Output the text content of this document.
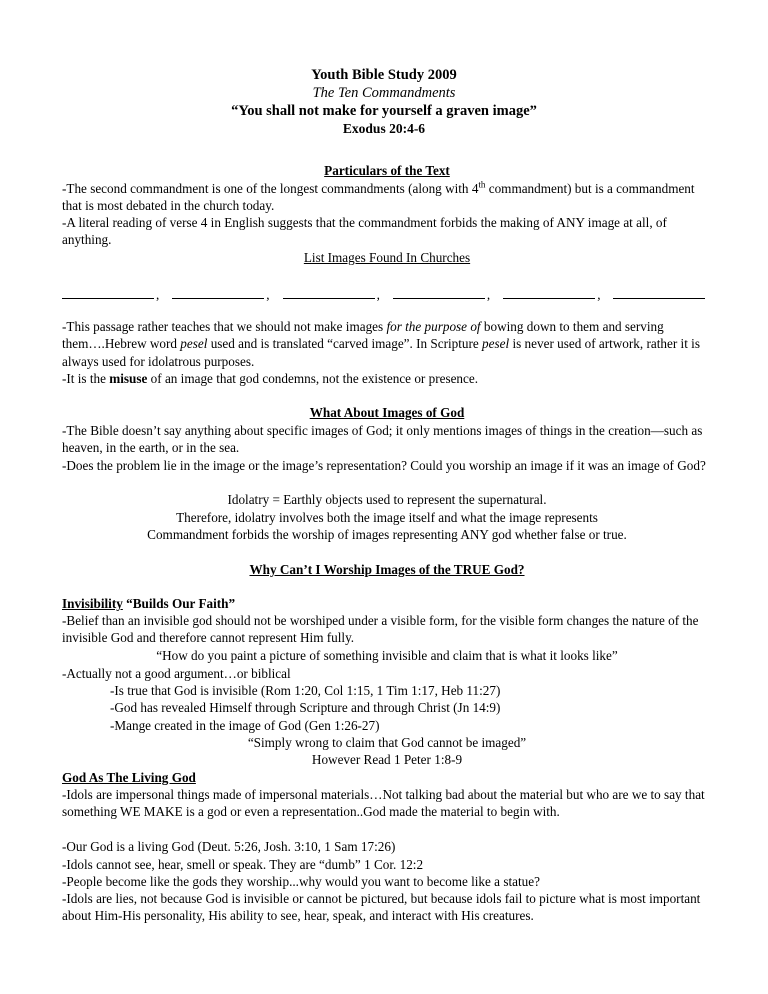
Youth Bible Study 2009
The Ten Commandments
“You shall not make for yourself a graven image”
Exodus 20:4-6
Particulars of the Text

-The second commandment is one of the longest commandments (along with 4th commandment) but is a commandment that is most debated in the church today.

-A literal reading of verse 4 in English suggests that the commandment forbids the making of ANY image at all, of anything.

List Images Found In Churches
,	,	,	,	,

-This passage rather teaches that we should not make images for the purpose of bowing down to them and serving them….Hebrew word pesel used and is translated “carved image”. In Scripture pesel is never used of artwork, rather it is always used for idolatrous purposes.

-It is the misuse of an image that god condemns, not the existence or presence.

What About Images of God

-The Bible doesn’t say anything about specific images of God; it only mentions images of things in the creation—such as heaven, in the earth, or in the sea.

-Does the problem lie in the image or the image’s representation? Could you worship an image if it was an image of God?

Idolatry = Earthly objects used to represent the supernatural.
Therefore, idolatry involves both the image itself and what the image represents
Commandment forbids the worship of images representing ANY god whether false or true.
Why Can’t I Worship Images of the TRUE God?
Invisibility “Builds Our Faith”

-Belief than an invisible god should not be worshiped under a visible form, for the visible form changes the nature of the invisible God and therefore cannot represent Him fully.

“How do you paint a picture of something invisible and claim that is what it looks like”

-Actually not a good argument…or biblical

-Is true that God is invisible (Rom 1:20, Col 1:15, 1 Tim 1:17, Heb 11:27)

-God has revealed Himself through Scripture and through Christ (Jn 14:9)

-Mange created in the image of God (Gen 1:26-27)

“Simply wrong to claim that God cannot be imaged”
However Read 1 Peter 1:8-9
God As The Living God

-Idols are impersonal things made of impersonal materials…Not talking bad about the material but who are we to say that something WE MAKE is a god or even a representation..God made the material to begin with.

-Our God is a living God (Deut. 5:26, Josh. 3:10, 1 Sam 17:26)

-Idols cannot see, hear, smell or speak. They are “dumb” 1 Cor. 12:2

-People become like the gods they worship...why would you want to become like a statue?

-Idols are lies, not because God is invisible or cannot be pictured, but because idols fail to picture what is most important about Him-His personality, His ability to see, hear, speak, and interact with His creatures.
